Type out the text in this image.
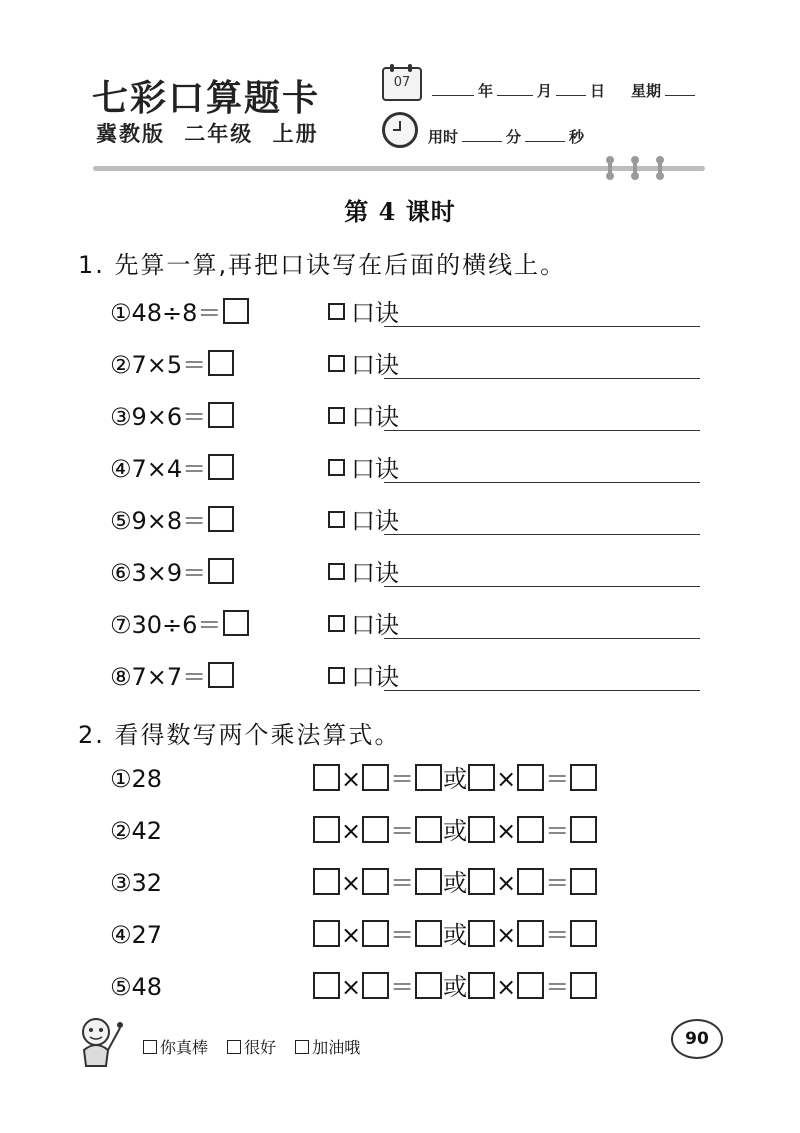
七彩口算题卡
冀教版 二年级 上册
07	年	月	日 星期
用时	分	秒
第 4 课时
1. 先算一算,再把口诀写在后面的横线上。
①48÷8＝	口诀
②7×5＝	口诀
③9×6＝	口诀
④7×4＝	口诀
⑤9×8＝	口诀
⑥3×9＝	口诀
⑦30÷6＝	口诀
⑧7×7＝	口诀
2. 看得数写两个乘法算式。
①28	× ＝ 或 × ＝
②42	× ＝ 或 × ＝
③32	× ＝ 或 × ＝
④27	× ＝ 或 × ＝
⑤48	× ＝ 或 × ＝
你真棒 很好 加油哦	90
